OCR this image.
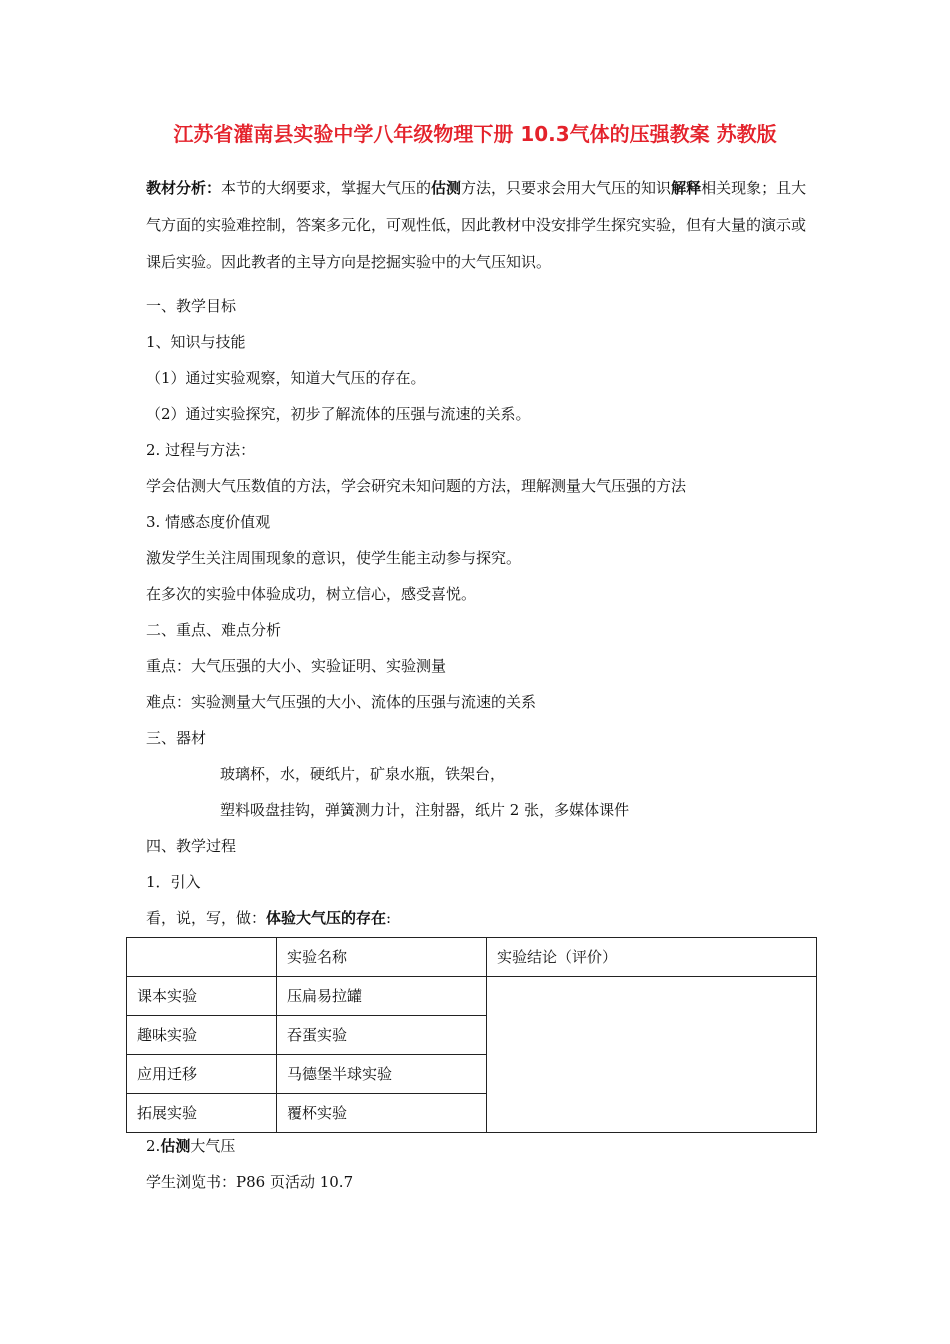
江苏省灌南县实验中学八年级物理下册 10.3气体的压强教案 苏教版
教材分析：本节的大纲要求，掌握大气压的估测方法，只要求会用大气压的知识解释相关现象；且大气方面的实验难控制，答案多元化，可观性低，因此教材中没安排学生探究实验，但有大量的演示或课后实验。因此教者的主导方向是挖掘实验中的大气压知识。
一、教学目标
1、知识与技能
（1）通过实验观察，知道大气压的存在。
（2）通过实验探究，初步了解流体的压强与流速的关系。
2. 过程与方法：
学会估测大气压数值的方法，学会研究未知问题的方法，理解测量大气压强的方法
3. 情感态度价值观
激发学生关注周围现象的意识，使学生能主动参与探究。
在多次的实验中体验成功，树立信心，感受喜悦。
二、重点、难点分析
重点：大气压强的大小、实验证明、实验测量
难点：实验测量大气压强的大小、流体的压强与流速的关系
三、器材
玻璃杯，水，硬纸片，矿泉水瓶，铁架台，
塑料吸盘挂钩，弹簧测力计，注射器，纸片 2 张，多媒体课件
四、教学过程
1．引入
看，说，写，做：体验大气压的存在:
	实验名称	实验结论（评价）
课本实验	压扁易拉罐	
趣味实验	吞蛋实验	
应用迁移	马德堡半球实验	
拓展实验	覆杯实验	
2.估测大气压
学生浏览书：P86 页活动 10.7
